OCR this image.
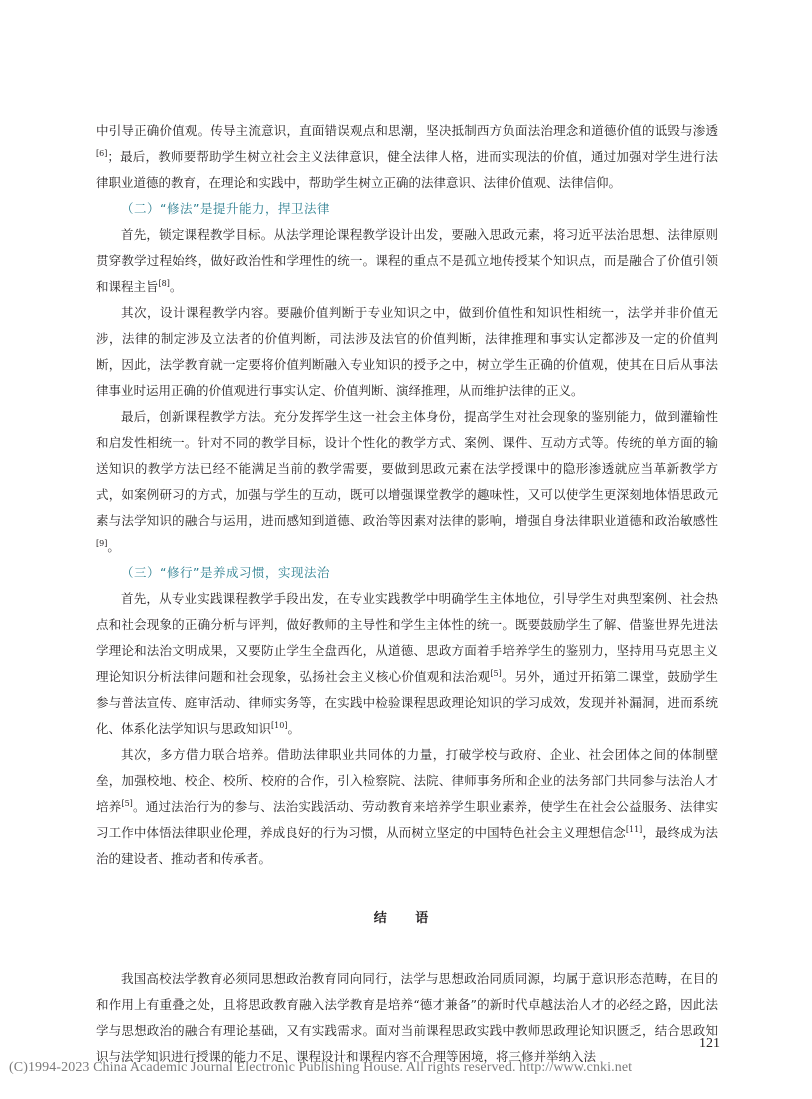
中引导正确价值观。传导主流意识，直面错误观点和思潮，坚决抵制西方负面法治理念和道德价值的诋毁与渗透[6]；最后，教师要帮助学生树立社会主义法律意识，健全法律人格，进而实现法的价值，通过加强对学生进行法律职业道德的教育，在理论和实践中，帮助学生树立正确的法律意识、法律价值观、法律信仰。

（二）“修法”是提升能力，捍卫法律

首先，锁定课程教学目标。从法学理论课程教学设计出发，要融入思政元素，将习近平法治思想、法律原则贯穿教学过程始终，做好政治性和学理性的统一。课程的重点不是孤立地传授某个知识点，而是融合了价值引领和课程主旨[8]。

其次，设计课程教学内容。要融价值判断于专业知识之中，做到价值性和知识性相统一，法学并非价值无涉，法律的制定涉及立法者的价值判断，司法涉及法官的价值判断，法律推理和事实认定都涉及一定的价值判断，因此，法学教育就一定要将价值判断融入专业知识的授予之中，树立学生正确的价值观，使其在日后从事法律事业时运用正确的价值观进行事实认定、价值判断、演绎推理，从而维护法律的正义。

最后，创新课程教学方法。充分发挥学生这一社会主体身份，提高学生对社会现象的鉴别能力，做到灌输性和启发性相统一。针对不同的教学目标，设计个性化的教学方式、案例、课件、互动方式等。传统的单方面的输送知识的教学方法已经不能满足当前的教学需要，要做到思政元素在法学授课中的隐形渗透就应当革新教学方式，如案例研习的方式，加强与学生的互动，既可以增强课堂教学的趣味性，又可以使学生更深刻地体悟思政元素与法学知识的融合与运用，进而感知到道德、政治等因素对法律的影响，增强自身法律职业道德和政治敏感性[9]。

（三）“修行”是养成习惯，实现法治

首先，从专业实践课程教学手段出发，在专业实践教学中明确学生主体地位，引导学生对典型案例、社会热点和社会现象的正确分析与评判，做好教师的主导性和学生主体性的统一。既要鼓励学生了解、借鉴世界先进法学理论和法治文明成果，又要防止学生全盘西化，从道德、思政方面着手培养学生的鉴别力，坚持用马克思主义理论知识分析法律问题和社会现象，弘扬社会主义核心价值观和法治观[5]。另外，通过开拓第二课堂，鼓励学生参与普法宣传、庭审活动、律师实务等，在实践中检验课程思政理论知识的学习成效，发现并补漏洞，进而系统化、体系化法学知识与思政知识[10]。

其次，多方借力联合培养。借助法律职业共同体的力量，打破学校与政府、企业、社会团体之间的体制壁垒，加强校地、校企、校所、校府的合作，引入检察院、法院、律师事务所和企业的法务部门共同参与法治人才培养[5]。通过法治行为的参与、法治实践活动、劳动教育来培养学生职业素养，使学生在社会公益服务、法律实习工作中体悟法律职业伦理，养成良好的行为习惯，从而树立坚定的中国特色社会主义理想信念[11]，最终成为法治的建设者、推动者和传承者。

结 语

我国高校法学教育必须同思想政治教育同向同行，法学与思想政治同质同源，均属于意识形态范畴，在目的和作用上有重叠之处，且将思政教育融入法学教育是培养“德才兼备”的新时代卓越法治人才的必经之路，因此法学与思想政治的融合有理论基础，又有实践需求。面对当前课程思政实践中教师思政理论知识匮乏，结合思政知识与法学知识进行授课的能力不足、课程设计和课程内容不合理等困境，将三修并举纳入法

121
(C)1994-2023 China Academic Journal Electronic Publishing House. All rights reserved. http://www.cnki.net
